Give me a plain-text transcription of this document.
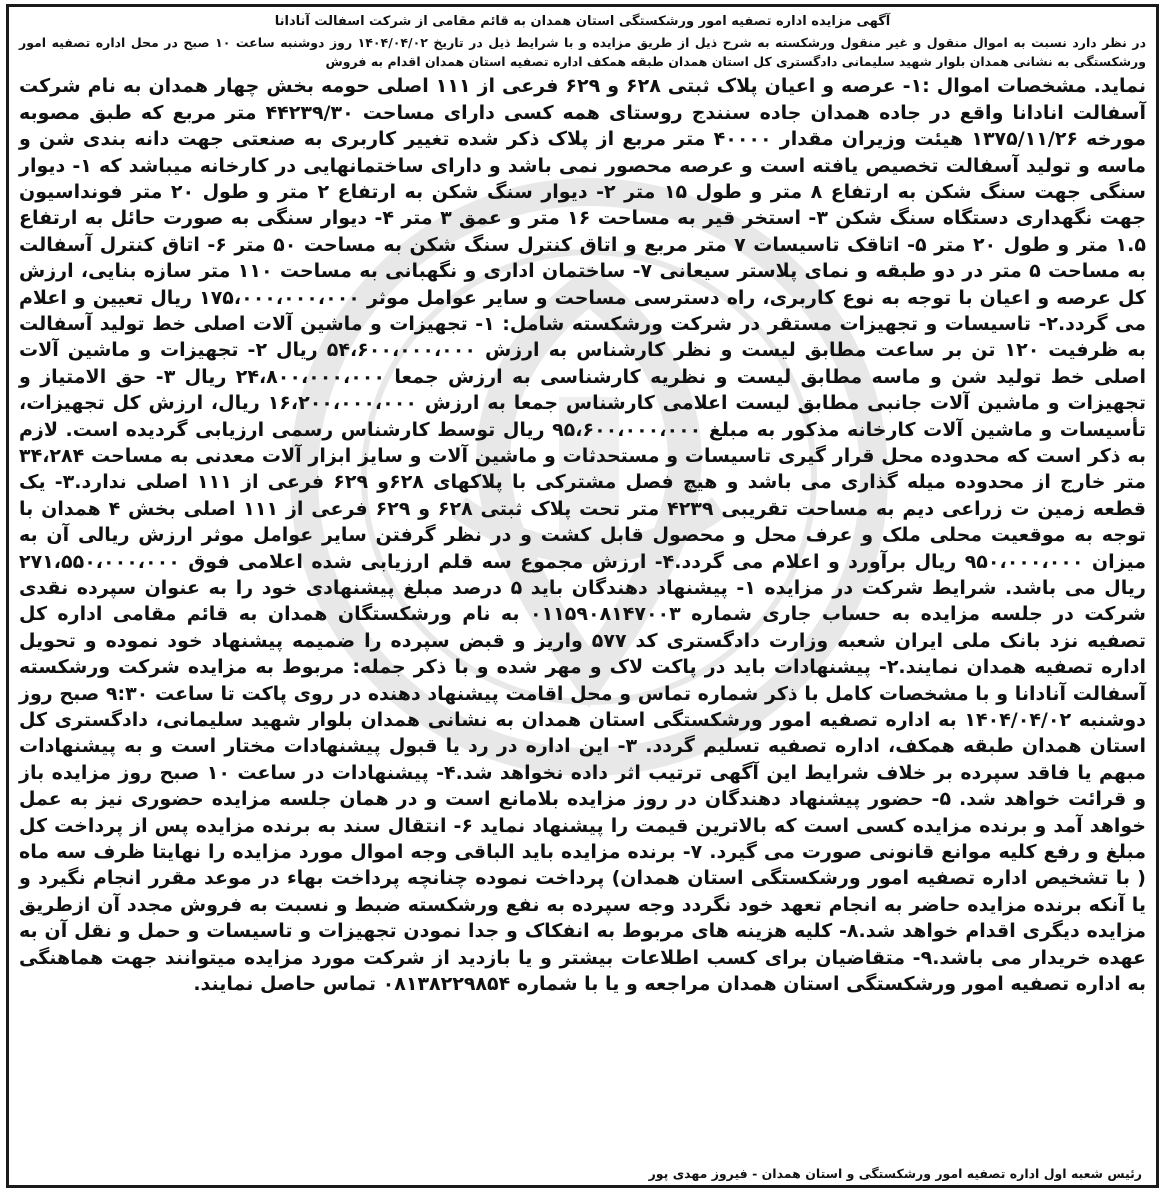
آگهی مزایده اداره تصفیه امور ورشکستگی استان همدان به قائم مقامی از شرکت اسفالت آنادانا
در نظر دارد نسبت به اموال منقول و غیر منقول ورشکسته به شرح ذیل از طریق مزایده و با شرایط ذیل در تاریخ ۱۴۰۴/۰۴/۰۲ روز دوشنبه ساعت ۱۰ صبح در محل اداره تصفیه امور ورشکستگی به نشانی همدان بلوار شهید سلیمانی دادگستری کل استان همدان طبقه همکف اداره تصفیه استان همدان اقدام به فروش
نماید. مشخصات اموال :۱- عرصه و اعیان پلاک ثبتی ۶۲۸ و ۶۲۹ فرعی از ۱۱۱ اصلی حومه بخش چهار همدان به نام شرکت آسفالت انادانا واقع در جاده همدان جاده سنندج روستای همه کسی دارای مساحت ۴۴۲۳۹/۳۰ متر مربع که طبق مصوبه مورخه ۱۳۷۵/۱۱/۲۶ هیئت وزیران مقدار ۴۰۰۰۰ متر مربع از پلاک ذکر شده تغییر کاربری به صنعتی جهت دانه بندی شن و ماسه و تولید آسفالت تخصیص یافته است و عرصه محصور نمی باشد و دارای ساختمانهایی در کارخانه میباشد که ۱- دیوار سنگی جهت سنگ شکن به ارتفاع ۸ متر و طول ۱۵ متر ۲- دیوار سنگ شکن به ارتفاع ۲ متر و طول ۲۰ متر فونداسیون جهت نگهداری دستگاه سنگ شکن ۳- استخر قیر به مساحت ۱۶ متر و عمق ۳ متر ۴- دیوار سنگی به صورت حائل به ارتفاع ۱.۵ متر و طول ۲۰ متر ۵- اتاقک تاسیسات ۷ متر مربع و اتاق کنترل سنگ شکن به مساحت ۵۰ متر ۶- اتاق کنترل آسفالت به مساحت ۵ متر در دو طبقه و نمای پلاستر سیعانی ۷- ساختمان اداری و نگهبانی به مساحت ۱۱۰ متر سازه بنایی، ارزش کل عرصه و اعیان با توجه به نوع کاربری، راه دسترسی مساحت و سایر عوامل موثر ۱۷۵،۰۰۰،۰۰۰،۰۰۰ ریال تعیین و اعلام می گردد.۲- تاسیسات و تجهیزات مستقر در شرکت ورشکسته شامل: ۱- تجهیزات و ماشین آلات اصلی خط تولید آسفالت به ظرفیت ۱۲۰ تن بر ساعت مطابق لیست و نظر کارشناس به ارزش ۵۴،۶۰۰،۰۰۰،۰۰۰ ریال ۲- تجهیزات و ماشین آلات اصلی خط تولید شن و ماسه مطابق لیست و نظریه کارشناسی به ارزش جمعا ۲۴،۸۰۰،۰۰۰،۰۰۰ ریال ۳- حق الامتیاز و تجهیزات و ماشین آلات جانبی مطابق لیست اعلامی کارشناس جمعا به ارزش ۱۶،۲۰۰،۰۰۰،۰۰۰ ریال، ارزش کل تجهیزات، تأسیسات و ماشین آلات کارخانه مذکور به مبلغ ۹۵،۶۰۰،۰۰۰،۰۰۰ ریال توسط کارشناس رسمی ارزیابی گردیده است. لازم به ذکر است که محدوده محل قرار گیری تاسیسات و مستحدثات و ماشین آلات و سایز ابزار آلات معدنی به مساحت ۳۴،۲۸۴ متر خارج از محدوده میله گذاری می باشد و هیچ فصل مشترکی با پلاکهای ۶۲۸و ۶۲۹ فرعی از ۱۱۱ اصلی ندارد.۳- یک قطعه زمین ت زراعی دیم به مساحت تقریبی ۴۲۳۹ متر تحت پلاک ثبتی ۶۲۸ و ۶۲۹ فرعی از ۱۱۱ اصلی بخش ۴ همدان با توجه به موقعیت محلی ملک و عرف محل و محصول قابل کشت و در نظر گرفتن سایر عوامل موثر ارزش ریالی آن به میزان ۹۵۰،۰۰۰،۰۰۰ ریال برآورد و اعلام می گردد.۴- ارزش مجموع سه قلم ارزیابی شده اعلامی فوق ۲۷۱،۵۵۰،۰۰۰،۰۰۰ ریال می باشد. شرایط شرکت در مزایده ۱- پیشنهاد دهندگان باید ۵ درصد مبلغ پیشنهادی خود را به عنوان سپرده نقدی شرکت در جلسه مزایده به حساب جاری شماره ۰۱۱۵۹۰۸۱۴۷۰۰۳ به نام ورشکستگان همدان به قائم مقامی اداره کل تصفیه نزد بانک ملی ایران شعبه وزارت دادگستری کد ۵۷۷ واریز و قبض سپرده را ضمیمه پیشنهاد خود نموده و تحویل اداره تصفیه همدان نمایند.۲- پیشنهادات باید در پاکت لاک و مهر شده و با ذکر جمله: مربوط به مزایده شرکت ورشکسته آسفالت آنادانا و با مشخصات کامل با ذکر شماره تماس و محل اقامت پیشنهاد دهنده در روی پاکت تا ساعت ۹:۳۰ صبح روز دوشنبه ۱۴۰۴/۰۴/۰۲ به اداره تصفیه امور ورشکستگی استان همدان به نشانی همدان بلوار شهید سلیمانی، دادگستری کل استان همدان طبقه همکف، اداره تصفیه تسلیم گردد. ۳- این اداره در رد یا قبول پیشنهادات مختار است و به پیشنهادات مبهم یا فاقد سپرده بر خلاف شرایط این آگهی ترتیب اثر داده نخواهد شد.۴- پیشنهادات در ساعت ۱۰ صبح روز مزایده باز و قرائت خواهد شد. ۵- حضور پیشنهاد دهندگان در روز مزایده بلامانع است و در همان جلسه مزایده حضوری نیز به عمل خواهد آمد و برنده مزایده کسی است که بالاترین قیمت را پیشنهاد نماید ۶- انتقال سند به برنده مزایده پس از پرداخت کل مبلغ و رفع کلیه موانع قانونی صورت می گیرد. ۷- برنده مزایده باید الباقی وجه اموال مورد مزایده را نهایتا ظرف سه ماه ( با تشخیص اداره تصفیه امور ورشکستگی استان همدان) پرداخت نموده چنانچه پرداخت بهاء در موعد مقرر انجام نگیرد و یا آنکه برنده مزایده حاضر به انجام تعهد خود نگردد وجه سپرده به نفع ورشکسته ضبط و نسبت به فروش مجدد آن ازطریق مزایده دیگری اقدام خواهد شد.۸- کلیه هزینه های مربوط به انفکاک و جدا نمودن تجهیزات و تاسیسات و حمل و نقل آن به عهده خریدار می باشد.۹- متقاضیان برای کسب اطلاعات بیشتر و یا بازدید از شرکت مورد مزایده میتوانند جهت هماهنگی به اداره تصفیه امور ورشکستگی استان همدان مراجعه و یا با شماره ۰۸۱۳۸۲۲۹۸۵۴ تماس حاصل نمایند.
رئیس شعبه اول اداره تصفیه امور ورشکستگی و استان همدان - فیروز مهدی پور
